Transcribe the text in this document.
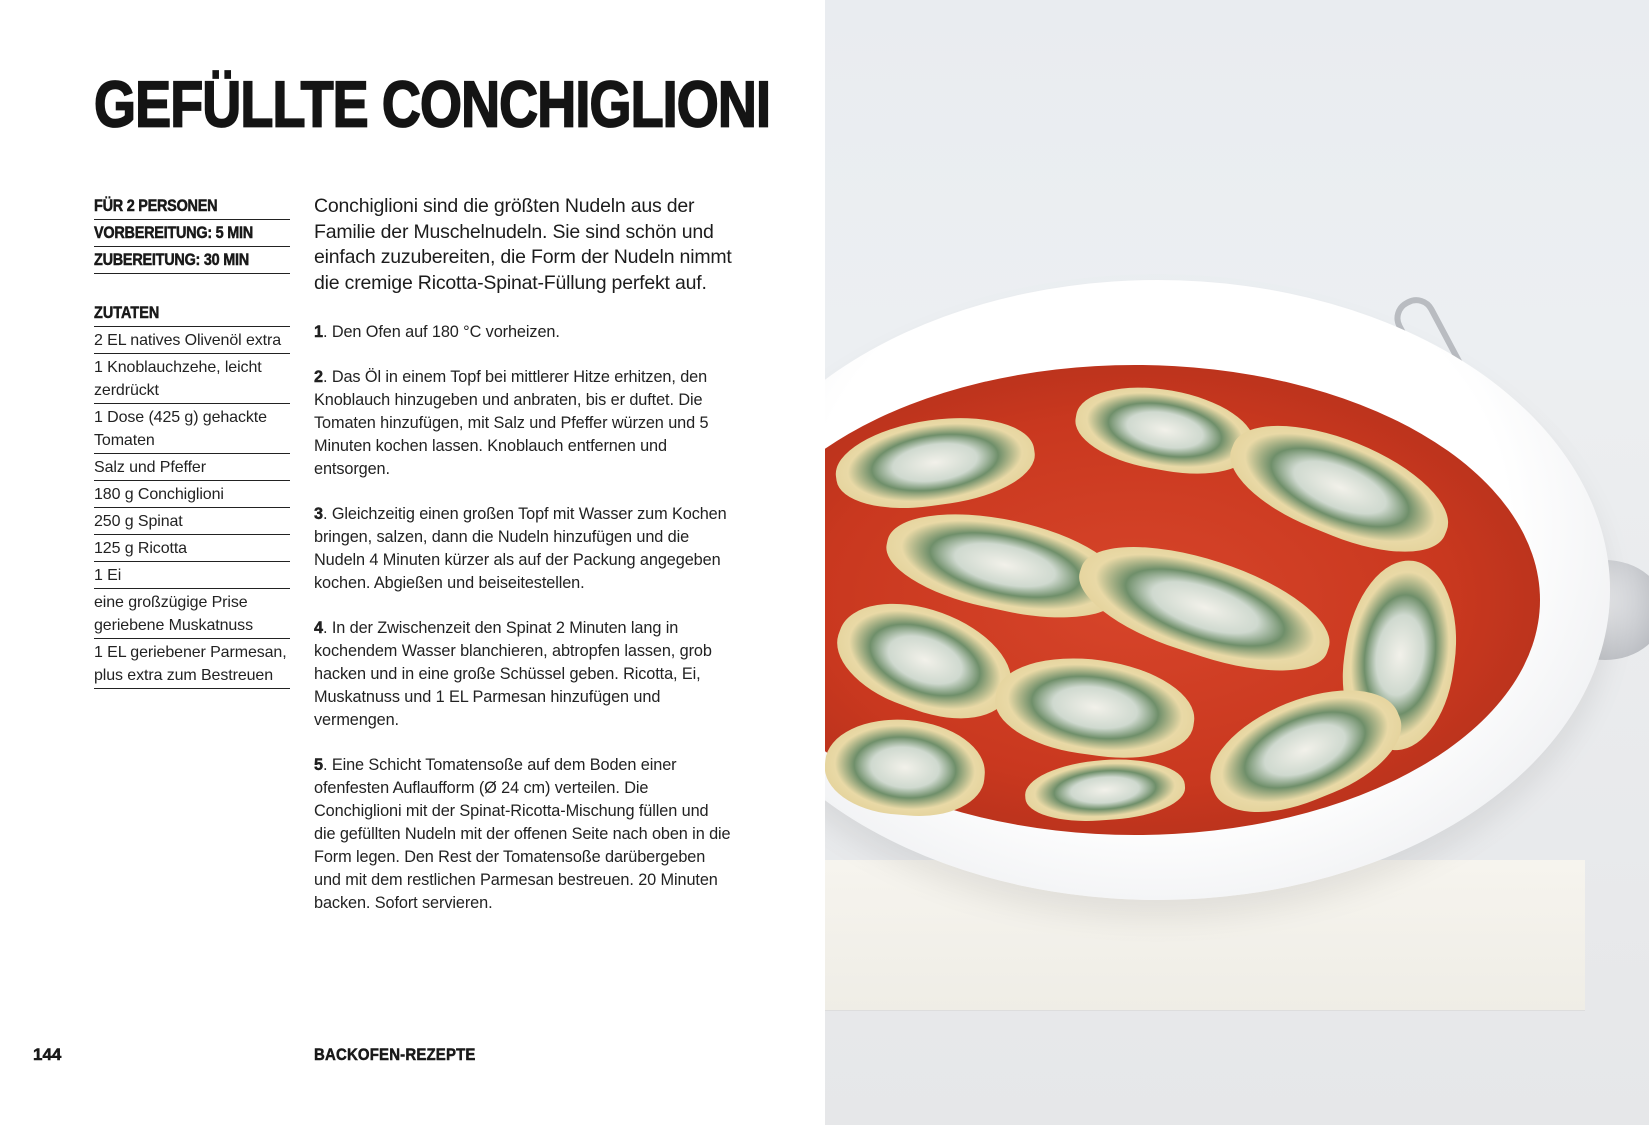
GEFÜLLTE CONCHIGLIONI
FÜR 2 PERSONEN
VORBEREITUNG: 5 MIN
ZUBEREITUNG: 30 MIN
ZUTATEN
2 EL natives Olivenöl extra
1 Knoblauchzehe, leicht zerdrückt
1 Dose (425 g) gehackte Tomaten
Salz und Pfeffer
180 g Conchiglioni
250 g Spinat
125 g Ricotta
1 Ei
eine großzügige Prise geriebene Muskatnuss
1 EL geriebener Parmesan, plus extra zum Bestreuen

Conchiglioni sind die größten Nudeln aus der Familie der Muschelnudeln. Sie sind schön und einfach zuzubereiten, die Form der Nudeln nimmt die cremige Ricotta-Spinat-Füllung perfekt auf.

1. Den Ofen auf 180 °C vorheizen.

2. Das Öl in einem Topf bei mittlerer Hitze erhitzen, den Knoblauch hinzugeben und anbraten, bis er duftet. Die Tomaten hinzufügen, mit Salz und Pfeffer würzen und 5 Minuten kochen lassen. Knoblauch entfernen und entsorgen.

3. Gleichzeitig einen großen Topf mit Wasser zum Kochen bringen, salzen, dann die Nudeln hinzufügen und die Nudeln 4 Minuten kürzer als auf der Packung angegeben kochen. Abgießen und beiseitestellen.

4. In der Zwischenzeit den Spinat 2 Minuten lang in kochendem Wasser blanchieren, abtropfen lassen, grob hacken und in eine große Schüssel geben. Ricotta, Ei, Muskatnuss und 1 EL Parmesan hinzufügen und vermengen.

5. Eine Schicht Tomatensoße auf dem Boden einer ofenfesten Auflaufform (Ø 24 cm) verteilen. Die Conchiglioni mit der Spinat-Ricotta-Mischung füllen und die gefüllten Nudeln mit der offenen Seite nach oben in die Form legen. Den Rest der Tomatensoße darübergeben und mit dem restlichen Parmesan bestreuen. 20 Minuten backen. Sofort servieren.

144	BACKOFEN-REZEPTE
